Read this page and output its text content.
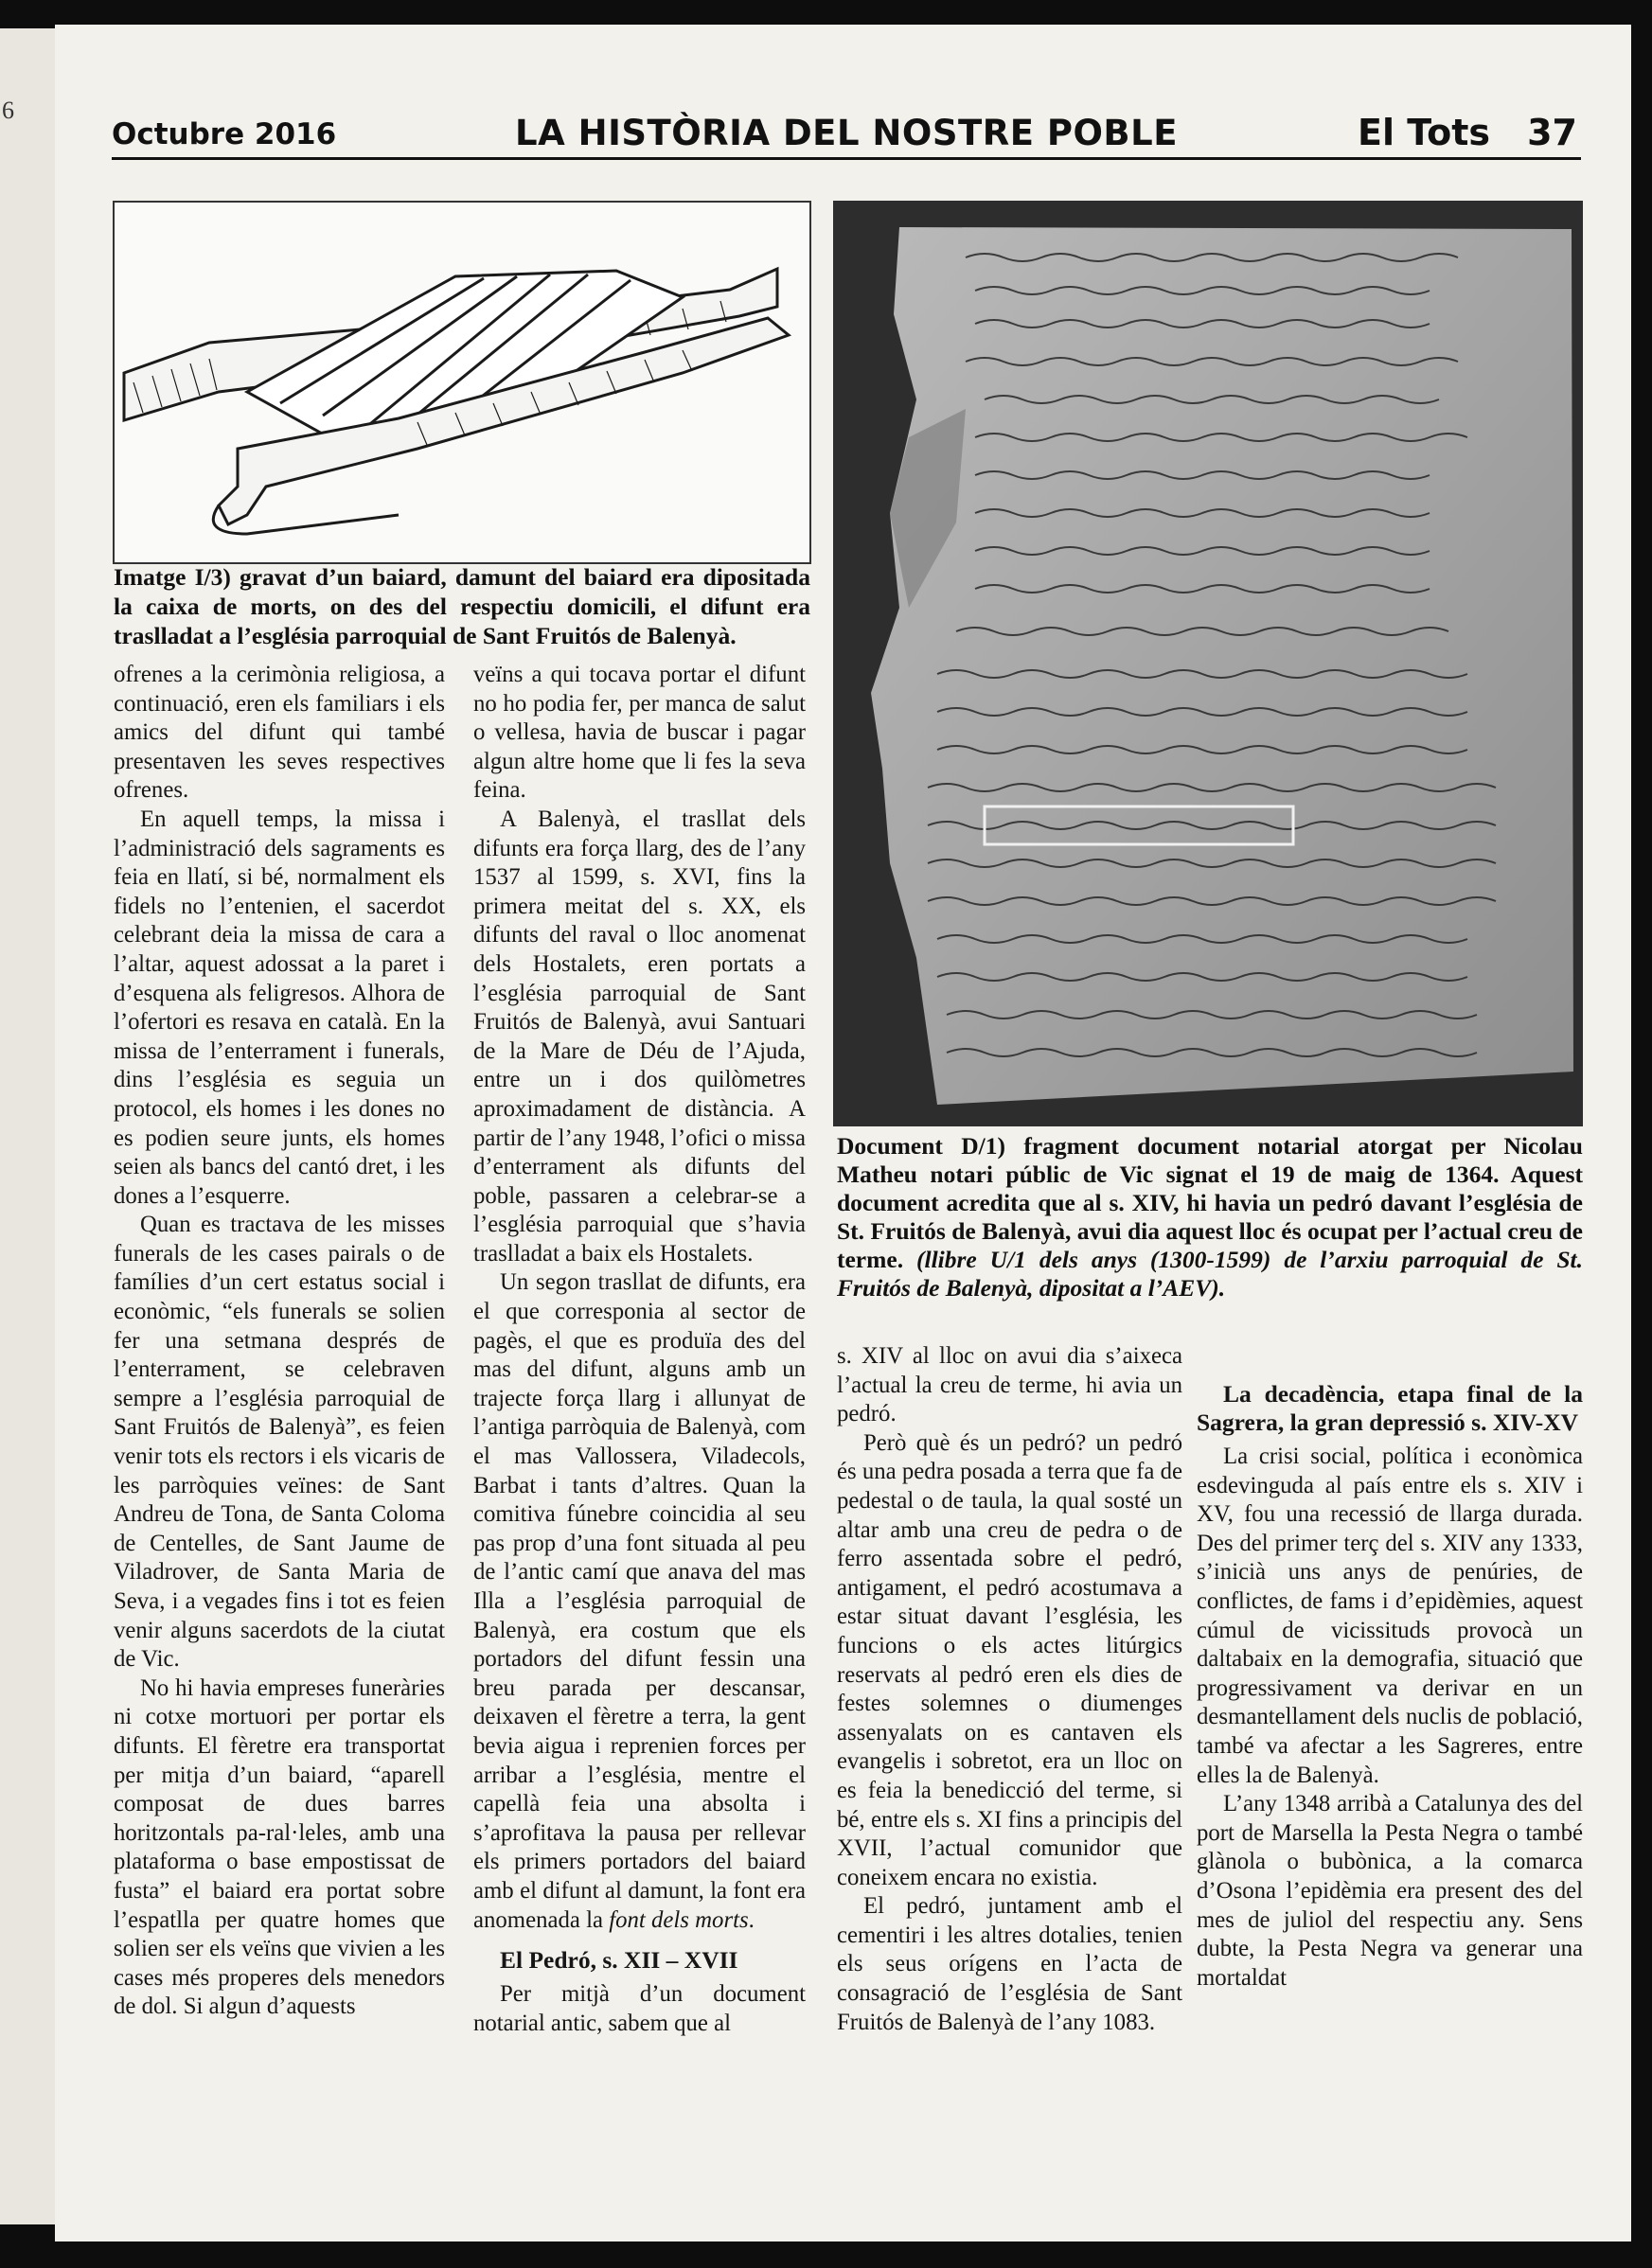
6
Octubre 2016	LA HISTÒRIA DEL NOSTRE POBLE	El Tots 37
Imatge I/3) gravat d’un baiard, damunt del baiard era dipositada la caixa de morts, on des del respectiu domicili, el difunt era traslladat a l’església parroquial de Sant Fruitós de Balenyà.
Document D/1) fragment document notarial atorgat per Nicolau Matheu notari públic de Vic signat el 19 de maig de 1364. Aquest document acredita que al s. XIV, hi havia un pedró davant l’església de St. Fruitós de Balenyà, avui dia aquest lloc és ocupat per l’actual creu de terme. (llibre U/1 dels anys (1300-1599) de l’arxiu parroquial de St. Fruitós de Balenyà, dipositat a l’AEV).

ofrenes a la cerimònia religiosa, a continuació, eren els familiars i els amics del difunt qui també presentaven les seves respectives ofrenes.

En aquell temps, la missa i l’administració dels sagraments es feia en llatí, si bé, normalment els fidels no l’entenien, el sacerdot celebrant deia la missa de cara a l’altar, aquest adossat a la paret i d’esquena als feligresos. Alhora de l’ofertori es resava en català. En la missa de l’enterrament i funerals, dins l’església es seguia un protocol, els homes i les dones no es podien seure junts, els homes seien als bancs del cantó dret, i les dones a l’esquerre.

Quan es tractava de les misses funerals de les cases pairals o de famílies d’un cert estatus social i econòmic, “els funerals se solien fer una setmana després de l’enterrament, se celebraven sempre a l’església parroquial de Sant Fruitós de Balenyà”, es feien venir tots els rectors i els vicaris de les parròquies veïnes: de Sant Andreu de Tona, de Santa Coloma de Centelles, de Sant Jaume de Viladrover, de Santa Maria de Seva, i a vegades fins i tot es feien venir alguns sacerdots de la ciutat de Vic.

No hi havia empreses funeràries ni cotxe mortuori per portar els difunts. El fèretre era transportat per mitja d’un baiard, “aparell composat de dues barres horitzontals pa-ral·leles, amb una plataforma o base empostissat de fusta” el baiard era portat sobre l’espatlla per quatre homes que solien ser els veïns que vivien a les cases més properes dels menedors de dol. Si algun d’aquests

veïns a qui tocava portar el difunt no ho podia fer, per manca de salut o vellesa, havia de buscar i pagar algun altre home que li fes la seva feina.

A Balenyà, el trasllat dels difunts era força llarg, des de l’any 1537 al 1599, s. XVI, fins la primera meitat del s. XX, els difunts del raval o lloc anomenat dels Hostalets, eren portats a l’església parroquial de Sant Fruitós de Balenyà, avui Santuari de la Mare de Déu de l’Ajuda, entre un i dos quilòmetres aproximadament de distància. A partir de l’any 1948, l’ofici o missa d’enterrament als difunts del poble, passaren a celebrar-se a l’església parroquial que s’havia traslladat a baix els Hostalets.

Un segon trasllat de difunts, era el que corresponia al sector de pagès, el que es produïa des del mas del difunt, alguns amb un trajecte força llarg i allunyat de l’antiga parròquia de Balenyà, com el mas Vallossera, Viladecols, Barbat i tants d’altres. Quan la comitiva fúnebre coincidia al seu pas prop d’una font situada al peu de l’antic camí que anava del mas Illa a l’església parroquial de Balenyà, era costum que els portadors del difunt fessin una breu parada per descansar, deixaven el fèretre a terra, la gent bevia aigua i reprenien forces per arribar a l’església, mentre el capellà feia una absolta i s’aprofitava la pausa per rellevar els primers portadors del baiard amb el difunt al damunt, la font era anomenada la font dels morts.

El Pedró, s. XII – XVII

Per mitjà d’un document notarial antic, sabem que al

s. XIV al lloc on avui dia s’aixeca l’actual la creu de terme, hi avia un pedró.

Però què és un pedró? un pedró és una pedra posada a terra que fa de pedestal o de taula, la qual sosté un altar amb una creu de pedra o de ferro assentada sobre el pedró, antigament, el pedró acostumava a estar situat davant l’església, les funcions o els actes litúrgics reservats al pedró eren els dies de festes solemnes o diumenges assenyalats on es cantaven els evangelis i sobretot, era un lloc on es feia la benedicció del terme, si bé, entre els s. XI fins a principis del XVII, l’actual comunidor que coneixem encara no existia.

El pedró, juntament amb el cementiri i les altres dotalies, tenien els seus orígens en l’acta de consagració de l’església de Sant Fruitós de Balenyà de l’any 1083.

La decadència, etapa final de la Sagrera, la gran depressió s. XIV-XV

La crisi social, política i econòmica esdevinguda al país entre els s. XIV i XV, fou una recessió de llarga durada. Des del primer terç del s. XIV any 1333, s’inicià uns anys de penúries, de conflictes, de fams i d’epidèmies, aquest cúmul de vicissituds provocà un daltabaix en la demografia, situació que progressivament va derivar en un desmantellament dels nuclis de població, també va afectar a les Sagreres, entre elles la de Balenyà.

L’any 1348 arribà a Catalunya des del port de Marsella la Pesta Negra o també glànola o bubònica, a la comarca d’Osona l’epidèmia era present des del mes de juliol del respectiu any. Sens dubte, la Pesta Negra va generar una mortaldat
